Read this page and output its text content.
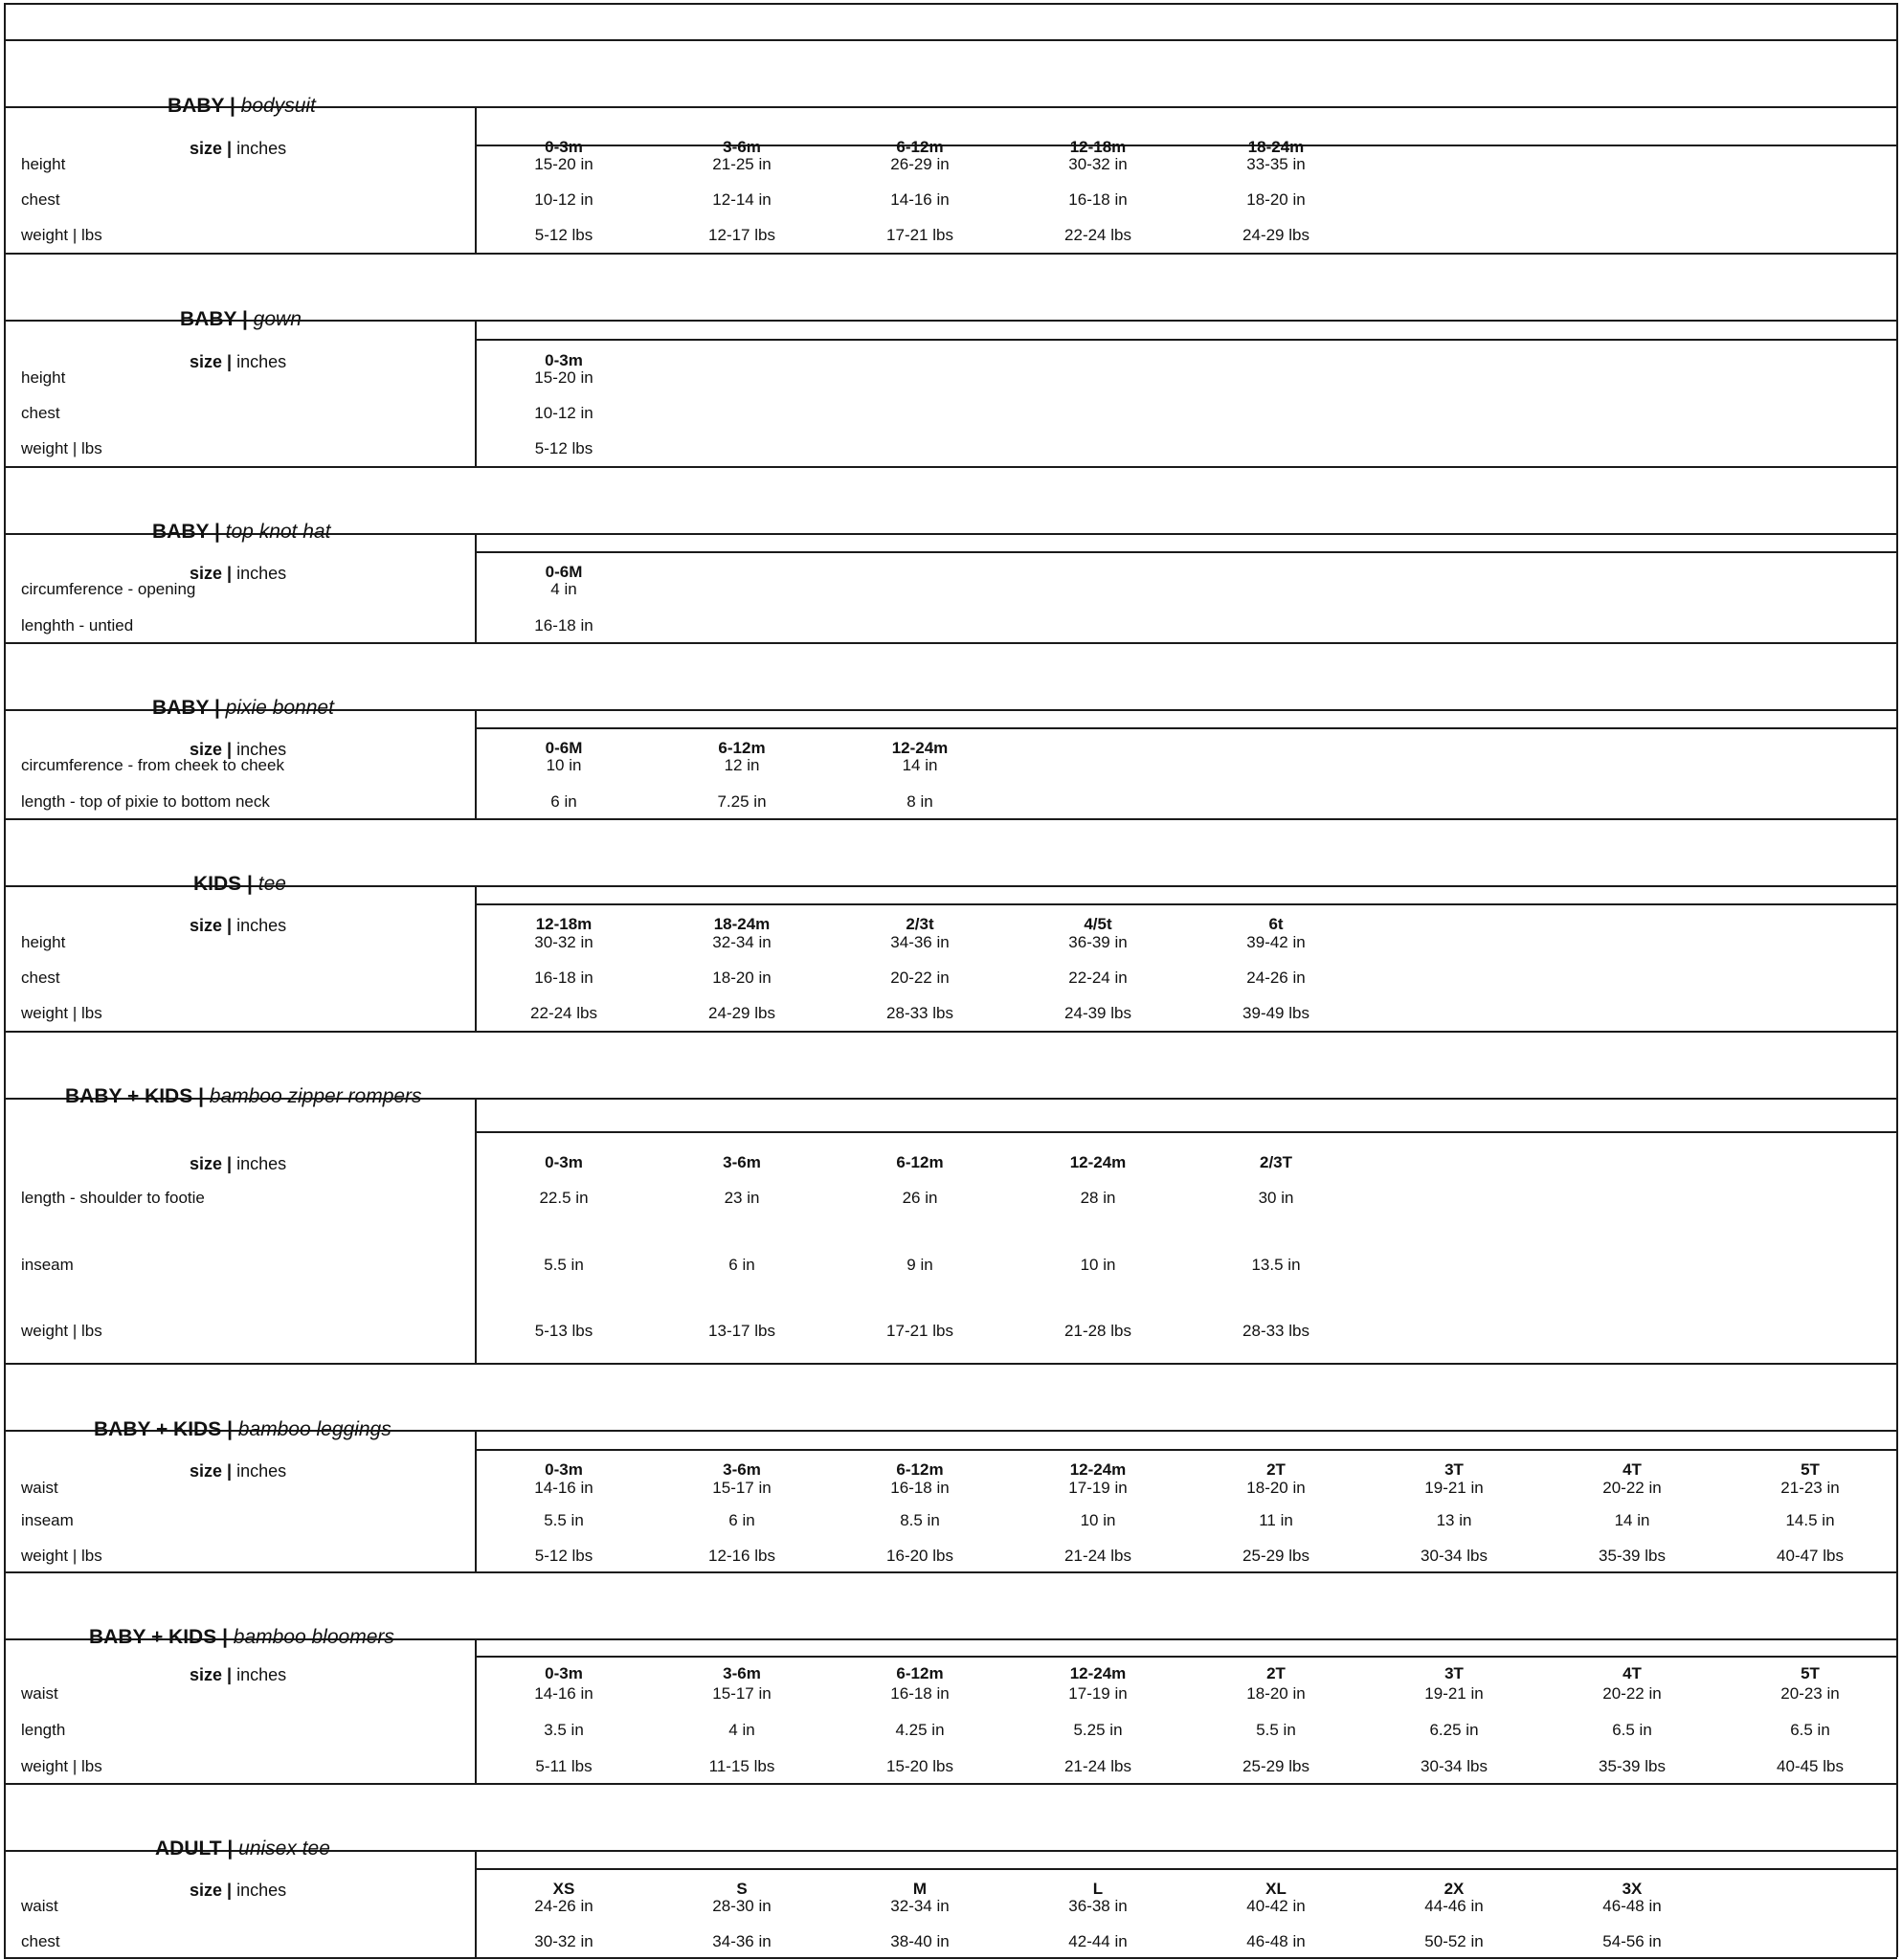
BABY | bodysuit
size | inches	0-3m	3-6m	6-12m	12-18m	18-24m
height	15-20 in	21-25 in	26-29 in	30-32 in	33-35 in
chest	10-12 in	12-14 in	14-16 in	16-18 in	18-20 in
weight | lbs	5-12 lbs	12-17 lbs	17-21 lbs	22-24 lbs	24-29 lbs
BABY | gown
size | inches	0-3m
height	15-20 in
chest	10-12 in
weight | lbs	5-12 lbs
BABY | top knot hat
size | inches	0-6M
circumference - opening	4 in
lenghth - untied	16-18 in
BABY | pixie bonnet
size | inches	0-6M	6-12m	12-24m
circumference - from cheek to cheek	10 in	12 in	14 in
length - top of pixie to bottom neck	6 in	7.25 in	8 in
KIDS | tee
size | inches	12-18m	18-24m	2/3t	4/5t	6t
height	30-32 in	32-34 in	34-36 in	36-39 in	39-42 in
chest	16-18 in	18-20 in	20-22 in	22-24 in	24-26 in
weight | lbs	22-24 lbs	24-29 lbs	28-33 lbs	24-39 lbs	39-49 lbs
BABY + KIDS | bamboo zipper rompers
size | inches	0-3m	3-6m	6-12m	12-24m	2/3T
length - shoulder to footie	22.5 in	23 in	26 in	28 in	30 in
inseam	5.5 in	6 in	9 in	10 in	13.5 in
weight | lbs	5-13 lbs	13-17 lbs	17-21 lbs	21-28 lbs	28-33 lbs
BABY + KIDS | bamboo leggings
size | inches	0-3m	3-6m	6-12m	12-24m	2T	3T	4T	5T
waist	14-16 in	15-17 in	16-18 in	17-19 in	18-20 in	19-21 in	20-22 in	21-23 in
inseam	5.5 in	6 in	8.5 in	10 in	11 in	13 in	14 in	14.5 in
weight | lbs	5-12 lbs	12-16 lbs	16-20 lbs	21-24 lbs	25-29 lbs	30-34 lbs	35-39 lbs	40-47 lbs
BABY + KIDS | bamboo bloomers
size | inches	0-3m	3-6m	6-12m	12-24m	2T	3T	4T	5T
waist	14-16 in	15-17 in	16-18 in	17-19 in	18-20 in	19-21 in	20-22 in	20-23 in
length	3.5 in	4 in	4.25 in	5.25 in	5.5 in	6.25 in	6.5 in	6.5 in
weight | lbs	5-11 lbs	11-15 lbs	15-20 lbs	21-24 lbs	25-29 lbs	30-34 lbs	35-39 lbs	40-45 lbs
ADULT | unisex tee
size | inches	XS	S	M	L	XL	2X	3X
waist	24-26 in	28-30 in	32-34 in	36-38 in	40-42 in	44-46 in	46-48 in
chest	30-32 in	34-36 in	38-40 in	42-44 in	46-48 in	50-52 in	54-56 in
